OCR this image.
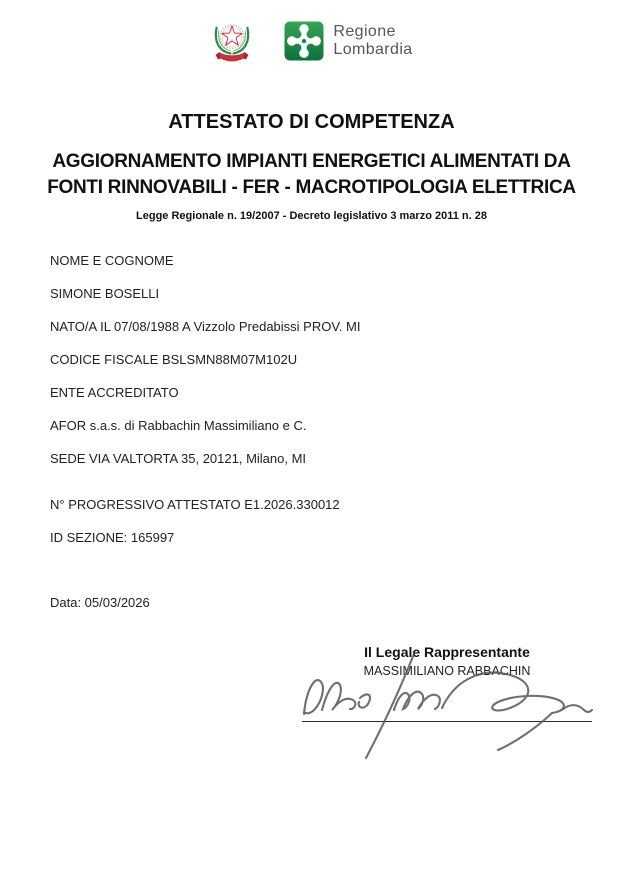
Regione
Lombardia
ATTESTATO DI COMPETENZA
AGGIORNAMENTO IMPIANTI ENERGETICI ALIMENTATI DA
FONTI RINNOVABILI - FER - MACROTIPOLOGIA ELETTRICA
Legge Regionale n. 19/2007 - Decreto legislativo 3 marzo 2011 n. 28

NOME E COGNOME

SIMONE BOSELLI

NATO/A IL 07/08/1988 A Vizzolo Predabissi PROV. MI

CODICE FISCALE BSLSMN88M07M102U

ENTE ACCREDITATO

AFOR s.a.s. di Rabbachin Massimiliano e C.

SEDE VIA VALTORTA 35, 20121, Milano, MI

N° PROGRESSIVO ATTESTATO E1.2026.330012

ID SEZIONE: 165997

Data: 05/03/2026

Il Legale Rappresentante
MASSIMILIANO RABBACHIN
